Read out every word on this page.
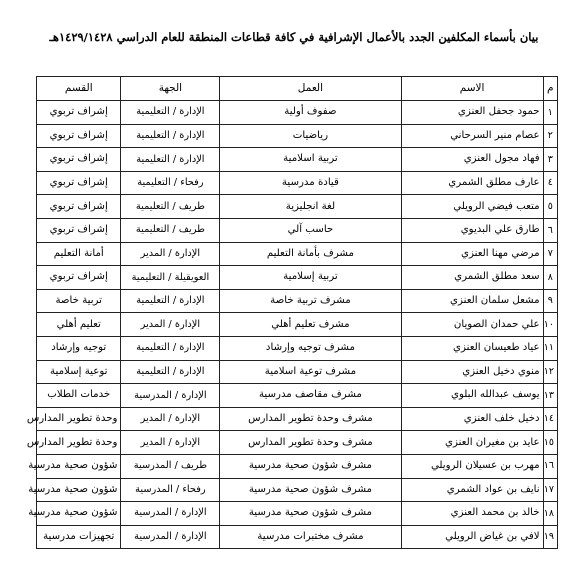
بيان بأسماء المكلفين الجدد بالأعمال الإشرافية في كافة قطاعات المنطقة للعام الدراسي ١٤٢٩/١٤٢٨هـ
م	الاسم	العمل	الجهة	القسم
١	حمود جحفل العنزي	صفوف أولية	الإدارة / التعليمية	إشراف تربوي
٢	عصام منير السرحاني	رياضيات	الإدارة / التعليمية	إشراف تربوي
٣	فهاد مجول العنزي	تربية اسلامية	الإدارة / التعليمية	إشراف تربوي
٤	عارف مطلق الشمري	قيادة مدرسية	رفحاء / التعليمية	إشراف تربوي
٥	متعب فيضي الرويلي	لغة انجليزية	طريف / التعليمية	إشراف تربوي
٦	طارق علي البديوي	حاسب آلي	طريف / التعليمية	إشراف تربوي
٧	مرضي مهنا العنزي	مشرف بأمانة التعليم	الإدارة / المدير	أمانة التعليم
٨	سعد مطلق الشمري	تربية إسلامية	العويقيلة / التعليمية	إشراف تربوي
٩	مشعل سلمان العنزي	مشرف تربية خاصة	الإدارة / التعليمية	تربية خاصة
١٠	علي حمدان الصويان	مشرف تعليم أهلي	الإدارة / المدير	تعليم أهلي
١١	عياد طعيسان العنزي	مشرف توجيه وإرشاد	الإدارة / التعليمية	توجيه وإرشاد
١٢	منوي دخيل العنزي	مشرف توعية اسلامية	الإدارة / التعليمية	توعية إسلامية
١٣	يوسف عبدالله البلوي	مشرف مقاصف مدرسية	الإدارة / المدرسية	خدمات الطلاب
١٤	دخيل خلف العنزي	مشرف وحدة تطوير المدارس	الإدارة / المدير	وحدة تطوير المدارس
١٥	عايد بن مغيران العنزي	مشرف وحدة تطوير المدارس	الإدارة / المدير	وحدة تطوير المدارس
١٦	مهرب بن عسيلان الرويلي	مشرف شؤون صحية مدرسية	طريف / المدرسية	شؤون صحية مدرسية
١٧	نايف بن عواد الشمري	مشرف شؤون صحية مدرسية	رفحاء / المدرسية	شؤون صحية مدرسية
١٨	خالد بن محمد العنزي	مشرف شؤون صحية مدرسية	الإدارة / المدرسية	شؤون صحية مدرسية
١٩	لافي بن غياض الرويلي	مشرف مختبرات مدرسية	الإدارة / المدرسية	تجهيزات مدرسية
